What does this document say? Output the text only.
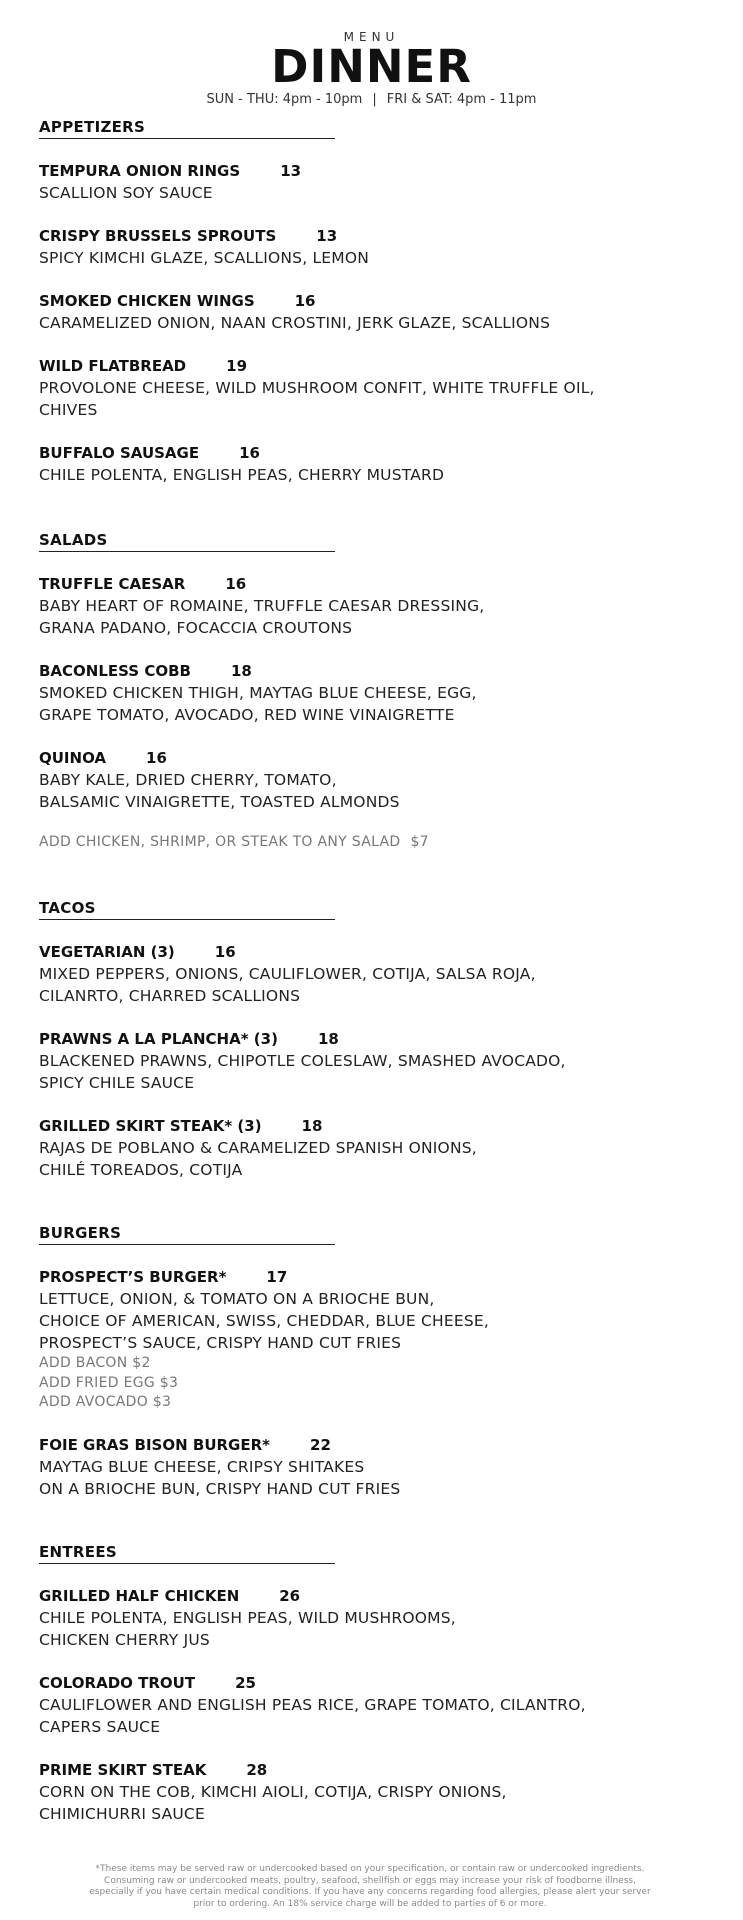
MENU
DINNER
SUN - THU: 4pm - 10pm | FRI & SAT: 4pm - 11pm
APPETIZERS
TEMPURA ONION RINGS	13
SCALLION SOY SAUCE
CRISPY BRUSSELS SPROUTS	13
SPICY KIMCHI GLAZE, SCALLIONS, LEMON
SMOKED CHICKEN WINGS	16
CARAMELIZED ONION, NAAN CROSTINI, JERK GLAZE, SCALLIONS
WILD FLATBREAD	19
PROVOLONE CHEESE, WILD MUSHROOM CONFIT, WHITE TRUFFLE OIL,
CHIVES
BUFFALO SAUSAGE	16
CHILE POLENTA, ENGLISH PEAS, CHERRY MUSTARD
SALADS
TRUFFLE CAESAR	16
BABY HEART OF ROMAINE, TRUFFLE CAESAR DRESSING,
GRANA PADANO, FOCACCIA CROUTONS
BACONLESS COBB	18
SMOKED CHICKEN THIGH, MAYTAG BLUE CHEESE, EGG,
GRAPE TOMATO, AVOCADO, RED WINE VINAIGRETTE
QUINOA	16
BABY KALE, DRIED CHERRY, TOMATO,
BALSAMIC VINAIGRETTE, TOASTED ALMONDS
ADD CHICKEN, SHRIMP, OR STEAK TO ANY SALAD $7
TACOS
VEGETARIAN (3)	16
MIXED PEPPERS, ONIONS, CAULIFLOWER, COTIJA, SALSA ROJA,
CILANRTO, CHARRED SCALLIONS
PRAWNS A LA PLANCHA* (3)	18
BLACKENED PRAWNS, CHIPOTLE COLESLAW, SMASHED AVOCADO,
SPICY CHILE SAUCE
GRILLED SKIRT STEAK* (3)	18
RAJAS DE POBLANO & CARAMELIZED SPANISH ONIONS,
CHILÉ TOREADOS, COTIJA
BURGERS
PROSPECT’S BURGER*	17
LETTUCE, ONION, & TOMATO ON A BRIOCHE BUN,
CHOICE OF AMERICAN, SWISS, CHEDDAR, BLUE CHEESE,
PROSPECT’S SAUCE, CRISPY HAND CUT FRIES
ADD BACON $2
ADD FRIED EGG $3
ADD AVOCADO $3
FOIE GRAS BISON BURGER*	22
MAYTAG BLUE CHEESE, CRIPSY SHITAKES
ON A BRIOCHE BUN, CRISPY HAND CUT FRIES
ENTREES
GRILLED HALF CHICKEN	26
CHILE POLENTA, ENGLISH PEAS, WILD MUSHROOMS,
CHICKEN CHERRY JUS
COLORADO TROUT	25
CAULIFLOWER AND ENGLISH PEAS RICE, GRAPE TOMATO, CILANTRO,
CAPERS SAUCE
PRIME SKIRT STEAK	28
CORN ON THE COB, KIMCHI AIOLI, COTIJA, CRISPY ONIONS,
CHIMICHURRI SAUCE
*These items may be served raw or undercooked based on your specification, or contain raw or undercooked ingredients.
Consuming raw or undercooked meats, poultry, seafood, shellfish or eggs may increase your risk of foodborne illness,
especially if you have certain medical conditions. If you have any concerns regarding food allergies, please alert your server
prior to ordering. An 18% service charge will be added to parties of 6 or more.
